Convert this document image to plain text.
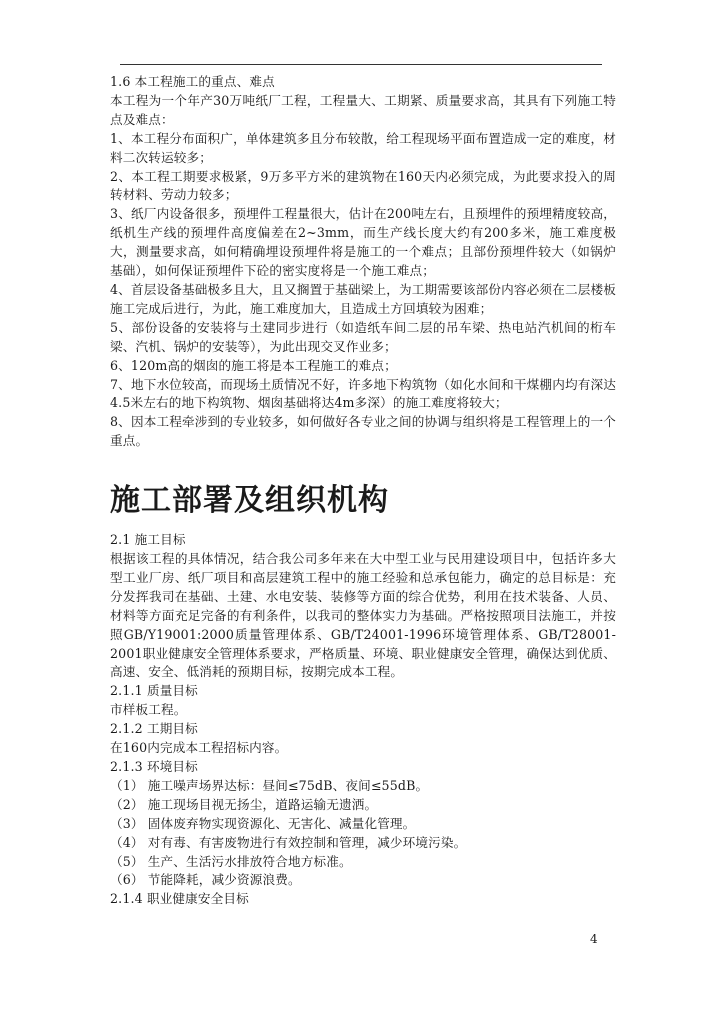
1.6 本工程施工的重点、难点

本工程为一个年产30万吨纸厂工程，工程量大、工期紧、质量要求高，其具有下列施工特点及难点：

1、本工程分布面积广，单体建筑多且分布较散，给工程现场平面布置造成一定的难度，材料二次转运较多；

2、本工程工期要求极紧，9万多平方米的建筑物在160天内必须完成，为此要求投入的周转材料、劳动力较多；

3、纸厂内设备很多，预埋件工程量很大，估计在200吨左右，且预埋件的预埋精度较高，纸机生产线的预埋件高度偏差在2~3mm，而生产线长度大约有200多米，施工难度极大，测量要求高，如何精确埋设预埋件将是施工的一个难点；且部份预埋件较大（如锅炉基础），如何保证预埋件下砼的密实度将是一个施工难点；

4、首层设备基础极多且大，且又搁置于基础梁上，为工期需要该部份内容必须在二层楼板施工完成后进行，为此，施工难度加大，且造成土方回填较为困难；

5、部份设备的安装将与土建同步进行（如造纸车间二层的吊车梁、热电站汽机间的桁车梁、汽机、锅炉的安装等），为此出现交叉作业多；

6、120m高的烟囱的施工将是本工程施工的难点；

7、地下水位较高，而现场土质情况不好，许多地下构筑物（如化水间和干煤棚内均有深达4.5米左右的地下构筑物、烟囱基础将达4m多深）的施工难度将较大；

8、因本工程牵涉到的专业较多，如何做好各专业之间的协调与组织将是工程管理上的一个重点。

施工部署及组织机构

2.1 施工目标

根据该工程的具体情况，结合我公司多年来在大中型工业与民用建设项目中，包括许多大型工业厂房、纸厂项目和高层建筑工程中的施工经验和总承包能力，确定的总目标是：充分发挥我司在基础、土建、水电安装、装修等方面的综合优势，利用在技术装备、人员、材料等方面充足完备的有利条件，以我司的整体实力为基础。严格按照项目法施工，并按照GB/Y19001:2000质量管理体系、GB/T24001-1996环境管理体系、GB/T28001-2001职业健康安全管理体系要求，严格质量、环境、职业健康安全管理，确保达到优质、高速、安全、低消耗的预期目标，按期完成本工程。

2.1.1 质量目标

市样板工程。

2.1.2 工期目标

在160内完成本工程招标内容。

2.1.3 环境目标

（1） 施工噪声场界达标：昼间≤75dB、夜间≤55dB。

（2） 施工现场目视无扬尘，道路运输无遗洒。

（3） 固体废弃物实现资源化、无害化、减量化管理。

（4） 对有毒、有害废物进行有效控制和管理，减少环境污染。

（5） 生产、生活污水排放符合地方标准。

（6） 节能降耗，减少资源浪费。

2.1.4 职业健康安全目标

4
